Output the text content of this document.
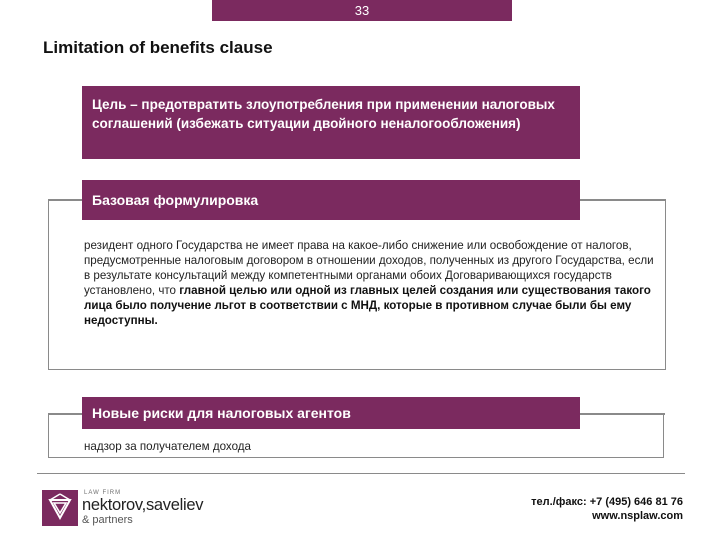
33
Limitation of benefits clause
Цель – предотвратить злоупотребления при применении налоговых соглашений (избежать ситуации двойного неналогообложения)
Базовая формулировка
резидент одного Государства не имеет права на какое-либо снижение или освобождение от налогов, предусмотренные налоговым договором в отношении доходов, полученных из другого Государства, если в результате консультаций между компетентными органами обоих Договаривающихся государств установлено, что главной целью или одной из главных целей создания или существования такого лица было получение льгот в соответствии с МНД, которые в противном случае были бы ему недоступны.
Новые риски для налоговых агентов
надзор за получателем дохода
LAW FIRM
nektorov,saveliev
& partners
тел./факс: +7 (495) 646 81 76
www.nsplaw.com
